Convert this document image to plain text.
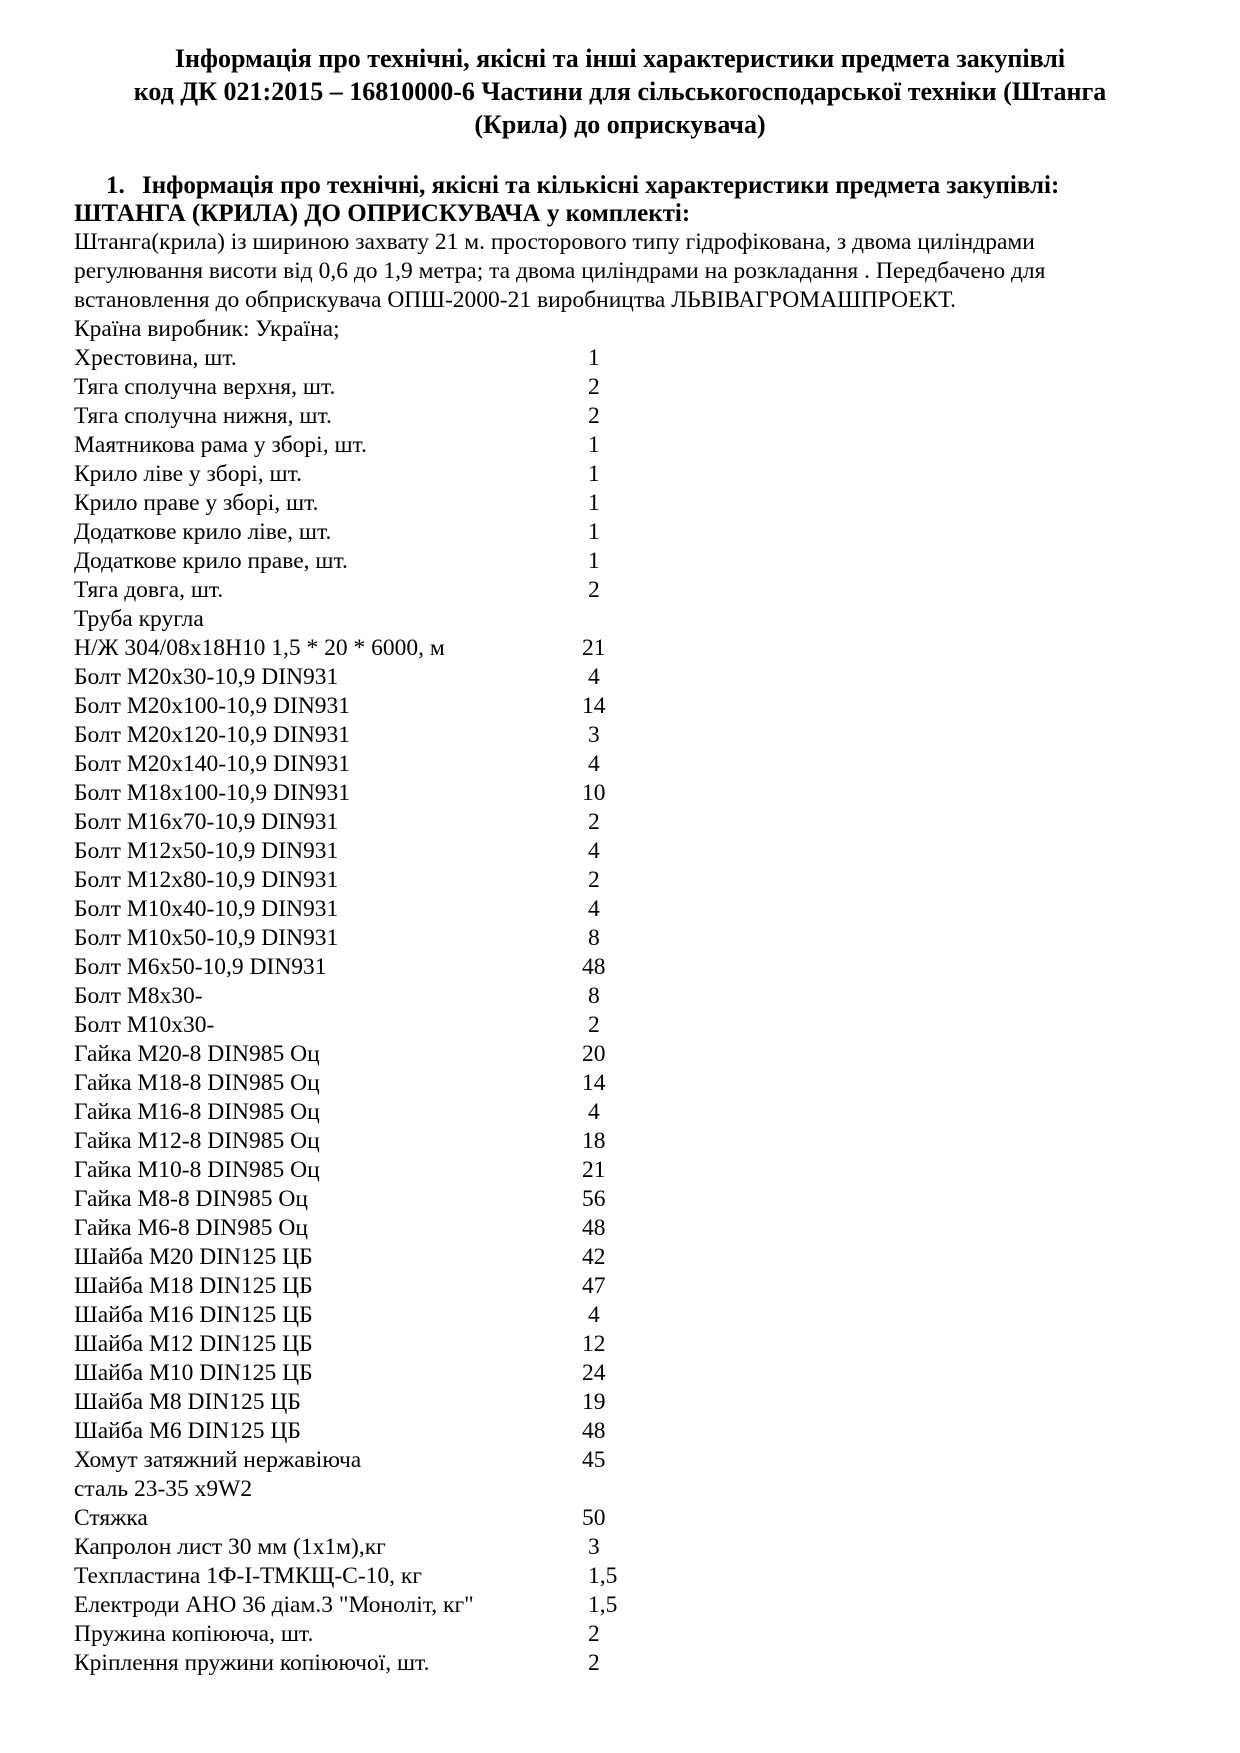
Інформація про технічні, якісні та інші характеристики предмета закупівлі
код ДК 021:2015 – 16810000-6 Частини для сільськогосподарської техніки (Штанга
(Крила) до оприскувача)
1. Інформація про технічні, якісні та кількісні характеристики предмета закупівлі:
ШТАНГА (КРИЛА) ДО ОПРИСКУВАЧА у комплекті:
Штанга(крила) із шириною захвату 21 м. просторового типу гідрофікована, з двома циліндрами
регулювання висоти від 0,6 до 1,9 метра; та двома циліндрами на розкладання . Передбачено для
встановлення до обприскувача ОПШ-2000-21 виробництва ЛЬВІВАГРОМАШПРОЕКТ.
Країна виробник: Україна;
Хрестовина, шт.	1
Тяга сполучна верхня, шт.	2
Тяга сполучна нижня, шт.	2
Маятникова рама у зборі, шт.	1
Крило ліве у зборі, шт.	1
Крило праве у зборі, шт.	1
Додаткове крило ліве, шт.	1
Додаткове крило праве, шт.	1
Тяга довга, шт.	2
Труба кругла
Н/Ж 304/08х18Н10 1,5 * 20 * 6000, м	21
Болт М20х30-10,9 DIN931	4
Болт М20х100-10,9 DIN931	14
Болт М20х120-10,9 DIN931	3
Болт М20х140-10,9 DIN931	4
Болт М18х100-10,9 DIN931	10
Болт М16х70-10,9 DIN931	2
Болт М12х50-10,9 DIN931	4
Болт М12х80-10,9 DIN931	2
Болт М10х40-10,9 DIN931	4
Болт М10х50-10,9 DIN931	8
Болт М6х50-10,9 DIN931	48
Болт М8х30-	8
Болт М10х30-	2
Гайка М20-8 DIN985 Оц	20
Гайка М18-8 DIN985 Оц	14
Гайка М16-8 DIN985 Оц	4
Гайка М12-8 DIN985 Оц	18
Гайка М10-8 DIN985 Оц	21
Гайка М8-8 DIN985 Оц	56
Гайка М6-8 DIN985 Оц	48
Шайба М20 DIN125 ЦБ	42
Шайба М18 DIN125 ЦБ	47
Шайба М16 DIN125 ЦБ	4
Шайба М12 DIN125 ЦБ	12
Шайба М10 DIN125 ЦБ	24
Шайба М8 DIN125 ЦБ	19
Шайба М6 DIN125 ЦБ	48
Хомут затяжний нержавіюча	45
сталь 23-35 х9W2
Стяжка	50
Капролон лист 30 мм (1х1м),кг	3
Техпластина 1Ф-І-ТМКЩ-С-10, кг	1,5
Електроди АНО 36 діам.3 "Моноліт, кг"	1,5
Пружина копіююча, шт.	2
Кріплення пружини копіюючої, шт.	2
